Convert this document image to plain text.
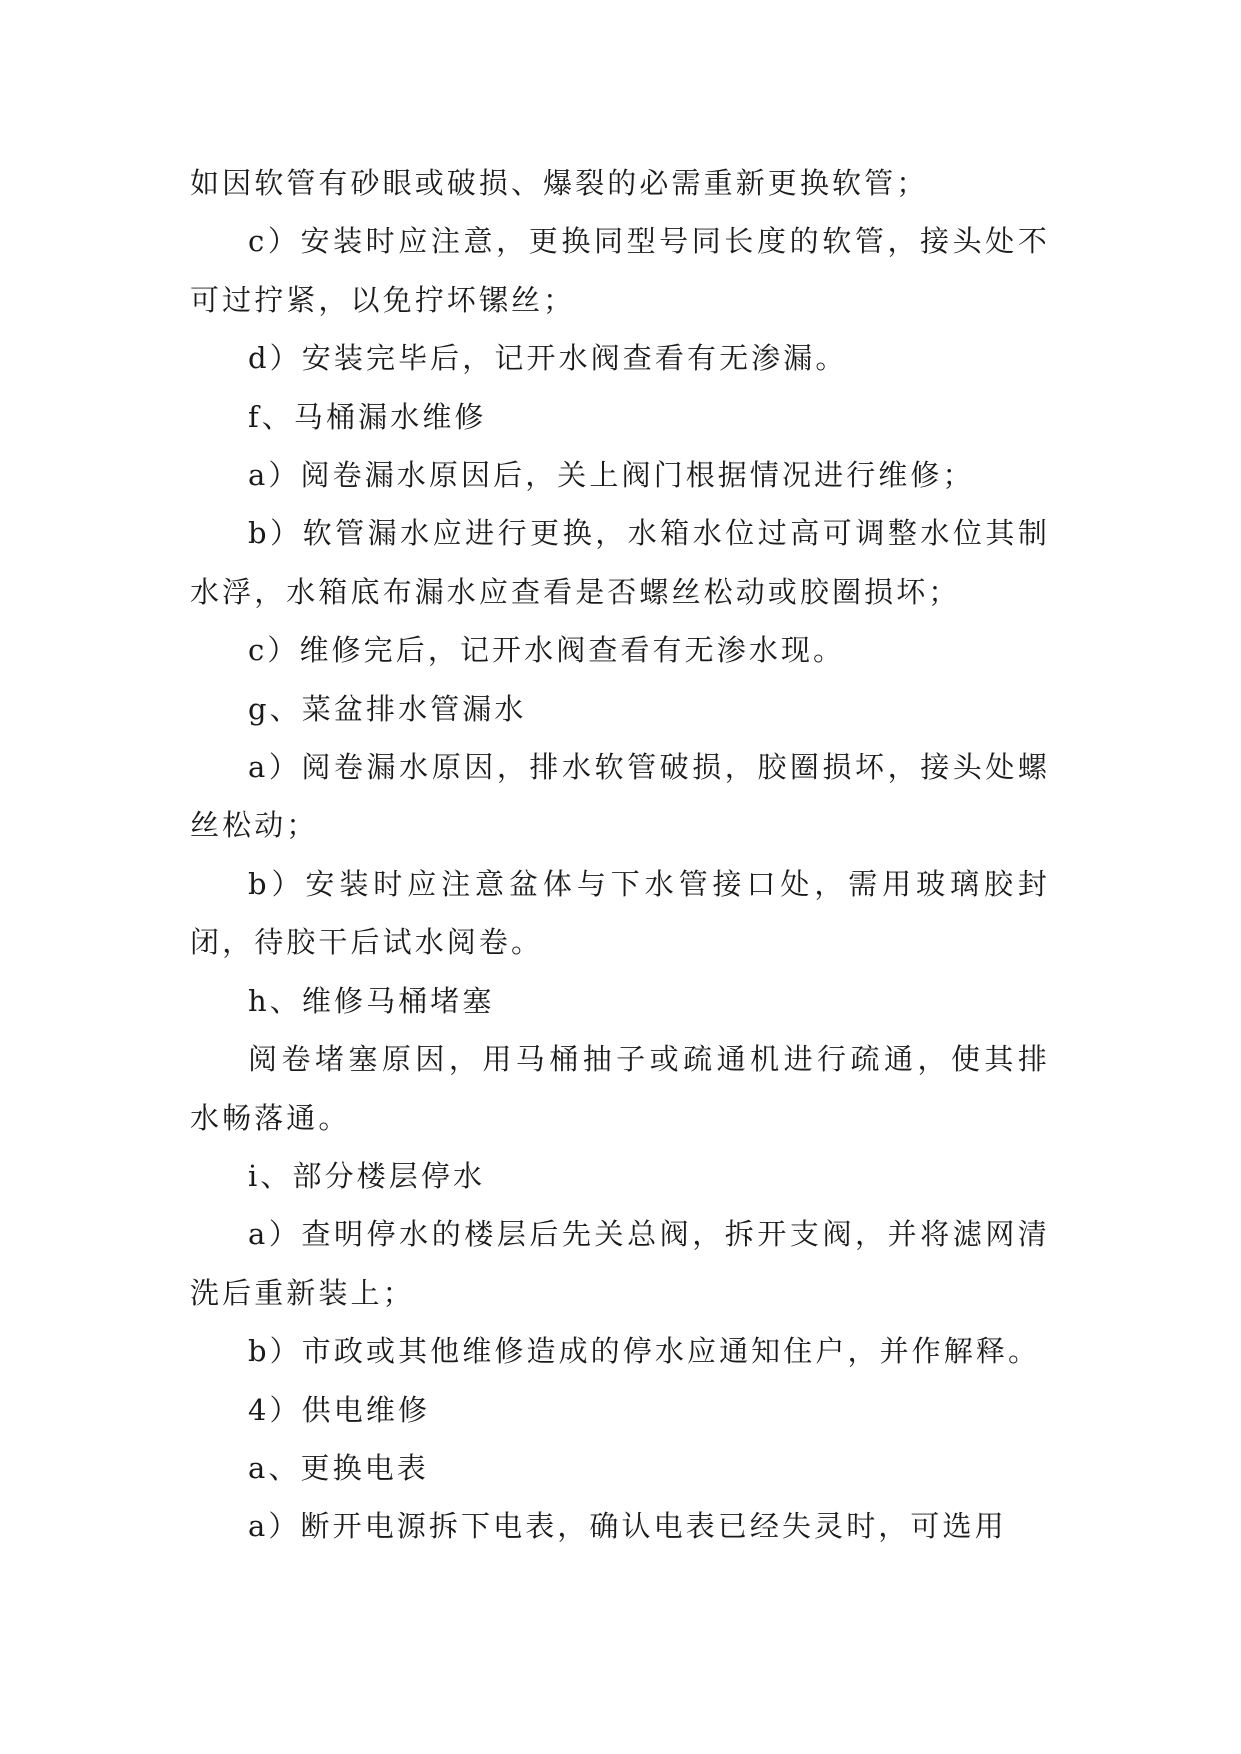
如因软管有砂眼或破损、爆裂的必需重新更换软管；

c）安装时应注意，更换同型号同长度的软管，接头处不可过拧紧，以免拧坏镙丝；

d）安装完毕后，记开水阀查看有无渗漏。

f、马桶漏水维修

a）阅卷漏水原因后，关上阀门根据情况进行维修；

b）软管漏水应进行更换，水箱水位过高可调整水位其制水浮，水箱底布漏水应查看是否螺丝松动或胶圈损坏；

c）维修完后，记开水阀查看有无渗水现。

g、菜盆排水管漏水

a）阅卷漏水原因，排水软管破损，胶圈损坏，接头处螺丝松动；

b）安装时应注意盆体与下水管接口处，需用玻璃胶封闭，待胶干后试水阅卷。

h、维修马桶堵塞

阅卷堵塞原因，用马桶抽子或疏通机进行疏通，使其排水畅落通。

i、部分楼层停水

a）查明停水的楼层后先关总阀，拆开支阀，并将滤网清洗后重新装上；

b）市政或其他维修造成的停水应通知住户，并作解释。

4）供电维修

a、更换电表

a）断开电源拆下电表，确认电表已经失灵时，可选用
